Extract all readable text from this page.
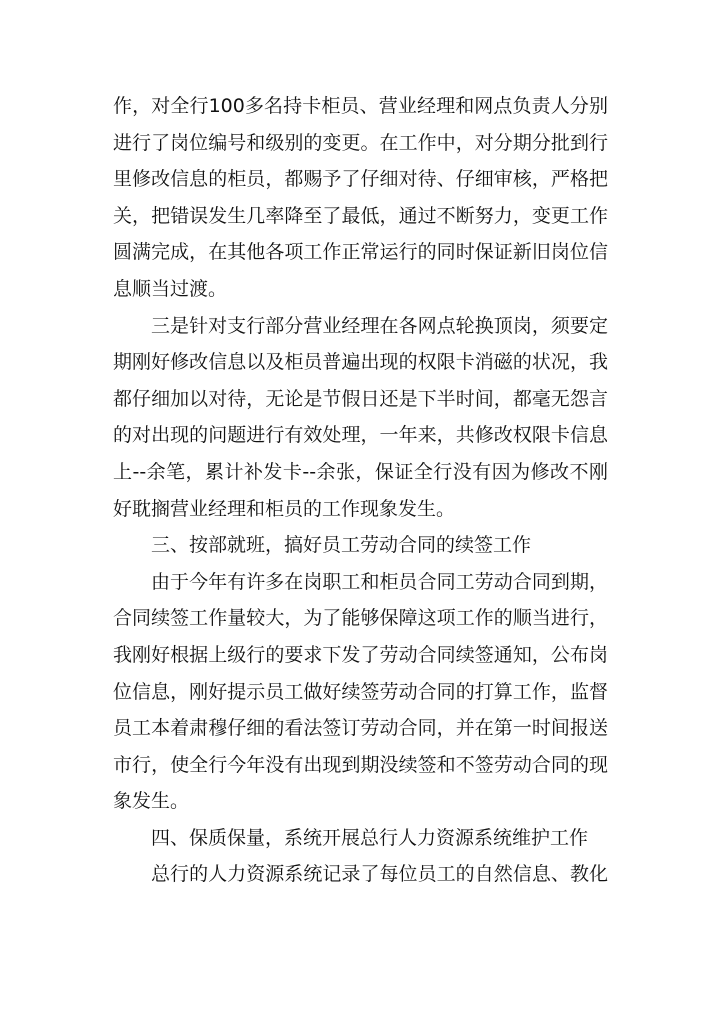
作，对全行100多名持卡柜员、营业经理和网点负责人分别
进行了岗位编号和级别的变更。在工作中，对分期分批到行
里修改信息的柜员，都赐予了仔细对待、仔细审核，严格把
关，把错误发生几率降至了最低，通过不断努力，变更工作
圆满完成，在其他各项工作正常运行的同时保证新旧岗位信
息顺当过渡。
三是针对支行部分营业经理在各网点轮换顶岗，须要定
期刚好修改信息以及柜员普遍出现的权限卡消磁的状况，我
都仔细加以对待，无论是节假日还是下半时间，都毫无怨言
的对出现的问题进行有效处理，一年来，共修改权限卡信息
上--余笔，累计补发卡--余张，保证全行没有因为修改不刚
好耽搁营业经理和柜员的工作现象发生。
三、按部就班，搞好员工劳动合同的续签工作
由于今年有许多在岗职工和柜员合同工劳动合同到期，
合同续签工作量较大，为了能够保障这项工作的顺当进行，
我刚好根据上级行的要求下发了劳动合同续签通知，公布岗
位信息，刚好提示员工做好续签劳动合同的打算工作，监督
员工本着肃穆仔细的看法签订劳动合同，并在第一时间报送
市行，使全行今年没有出现到期没续签和不签劳动合同的现
象发生。
四、保质保量，系统开展总行人力资源系统维护工作
总行的人力资源系统记录了每位员工的自然信息、教化
